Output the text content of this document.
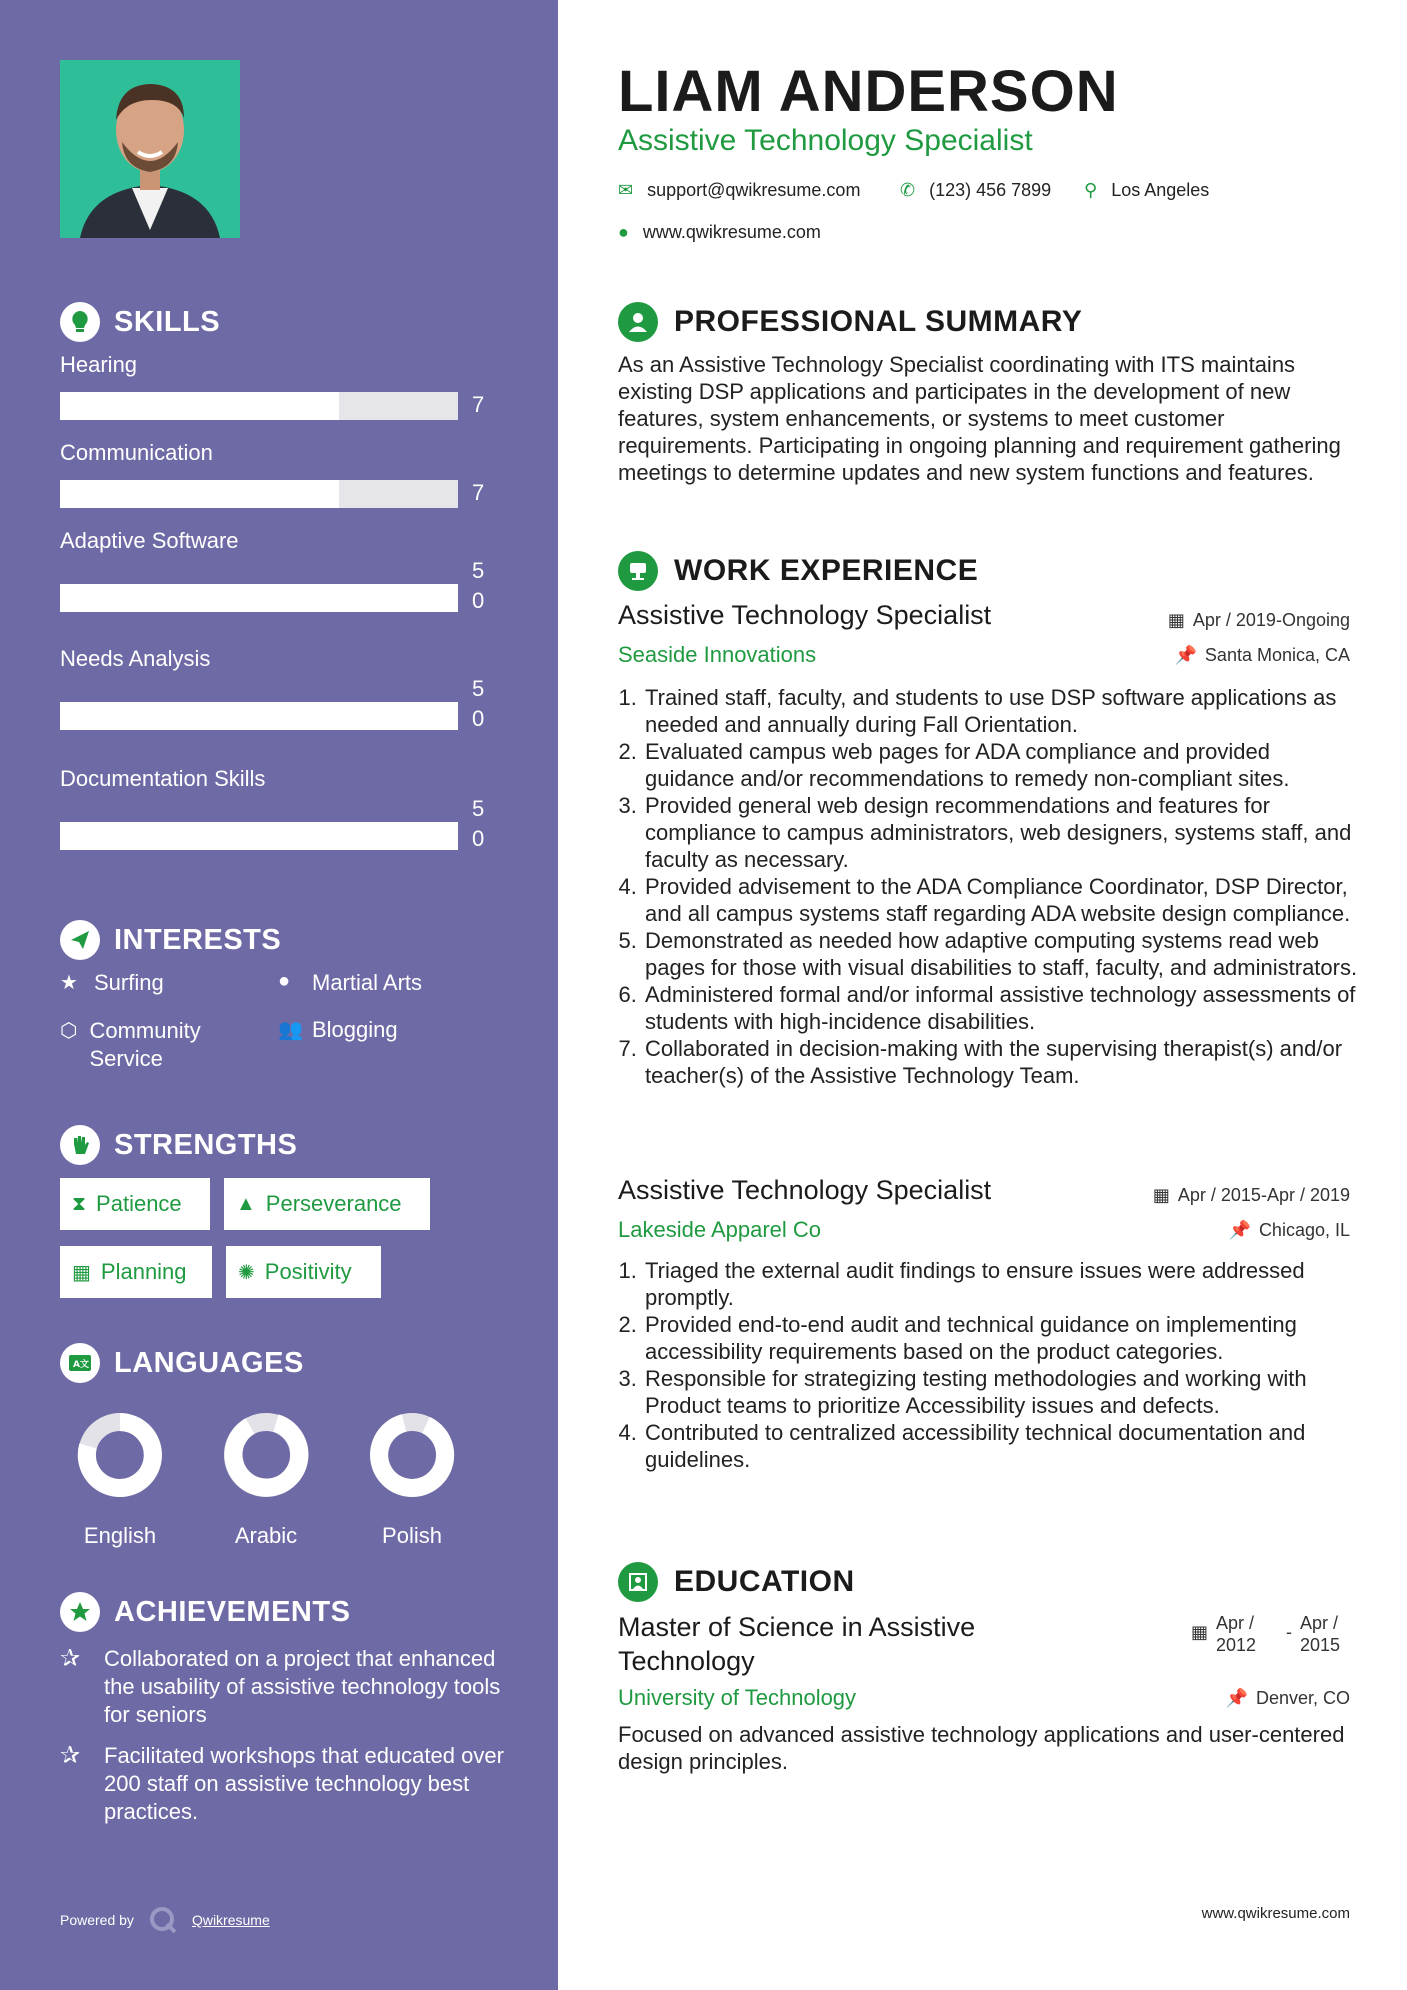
SKILLS
Hearing
7
Communication
7
Adaptive Software
50
Needs Analysis
50
Documentation Skills
50
INTERESTS
★ Surfing	● Martial Arts
⬡ Community Service
👥 Blogging
STRENGTHS
⧗ Patience	▲ Perseverance
▦ Planning	✺ Positivity
A文 LANGUAGES
English	Arabic	Polish
ACHIEVEMENTS
✰	Collaborated on a project that enhanced the usability of assistive technology tools for seniors
✰	Facilitated workshops that educated over 200 staff on assistive technology best practices.
Powered by	Qwikresume
LIAM ANDERSON
Assistive Technology Specialist
✉ support@qwikresume.com ✆ (123) 456 7899 ⚲ Los Angeles
● www.qwikresume.com
PROFESSIONAL SUMMARY
As an Assistive Technology Specialist coordinating with ITS maintains existing DSP applications and participates in the development of new features, system enhancements, or systems to meet customer requirements. Participating in ongoing planning and requirement gathering meetings to determine updates and new system functions and features.
WORK EXPERIENCE
Assistive Technology Specialist	▦ Apr / 2019-Ongoing
Seaside Innovations	📌 Santa Monica, CA
1. Trained staff, faculty, and students to use DSP software applications as needed and annually during Fall Orientation.
2. Evaluated campus web pages for ADA compliance and provided guidance and/or recommendations to remedy non-compliant sites.
3. Provided general web design recommendations and features for compliance to campus administrators, web designers, systems staff, and faculty as necessary.
4. Provided advisement to the ADA Compliance Coordinator, DSP Director, and all campus systems staff regarding ADA website design compliance.
5. Demonstrated as needed how adaptive computing systems read web pages for those with visual disabilities to staff, faculty, and administrators.
6. Administered formal and/or informal assistive technology assessments of students with high-incidence disabilities.
7. Collaborated in decision-making with the supervising therapist(s) and/or teacher(s) of the Assistive Technology Team.
Assistive Technology Specialist	▦ Apr / 2015-Apr / 2019
Lakeside Apparel Co	📌 Chicago, IL
1. Triaged the external audit findings to ensure issues were addressed promptly.
2. Provided end-to-end audit and technical guidance on implementing accessibility requirements based on the product categories.
3. Responsible for strategizing testing methodologies and working with Product teams to prioritize Accessibility issues and defects.
4. Contributed to centralized accessibility technical documentation and guidelines.
EDUCATION
Master of Science in Assistive Technology
▦ Apr / 2012
- Apr / 2015
University of Technology	📌 Denver, CO
Focused on advanced assistive technology applications and user-centered design principles.
www.qwikresume.com
